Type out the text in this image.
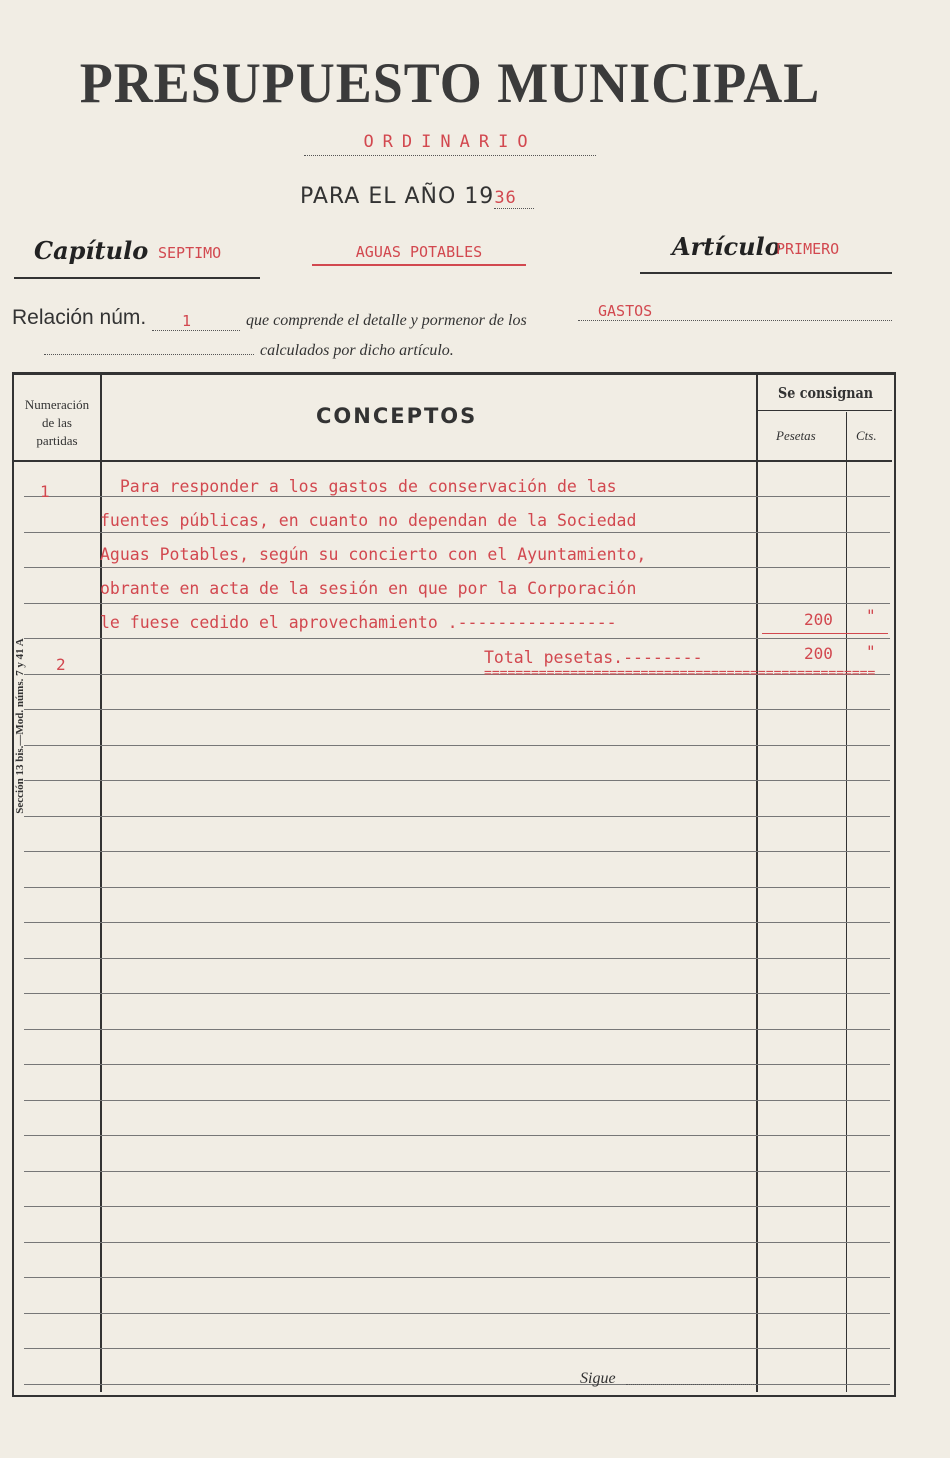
PRESUPUESTO MUNICIPAL
ORDINARIO
PARA EL AÑO 1936
Capítulo SEPTIMO	AGUAS POTABLES	Artículo
PRIMERO
Relación núm.	1	que comprende el detalle y pormenor de los
GASTOS
calculados por dicho artículo.
Sección 13 bis.—Mod. núms. 7 y 41 A
Numeración
de las
partidas
CONCEPTOS
Se consignan
Pesetas	Cts.
1	Para responder a los gastos de conservación de las
fuentes públicas, en cuanto no dependan de la Sociedad
Aguas Potables, según su concierto con el Ayuntamiento,
obrante en acta de la sesión en que por la Corporación
le fuese cedido el aprovechamiento .----------------	200 "
2	Total pesetas.--------	200 "
==================================================
Sigue
